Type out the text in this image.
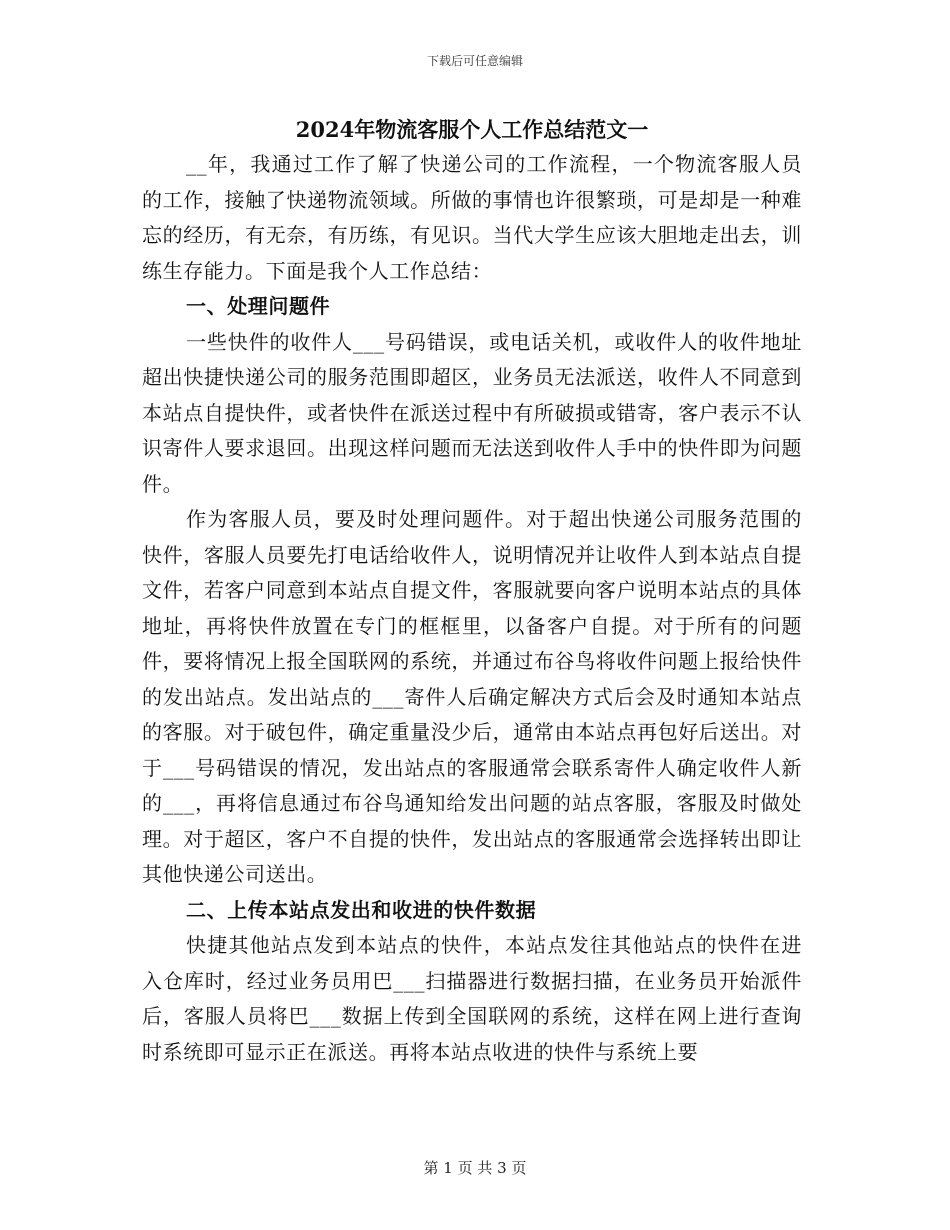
下载后可任意编辑
2024年物流客服个人工作总结范文一

__年，我通过工作了解了快递公司的工作流程，一个物流客服人员的工作，接触了快递物流领域。所做的事情也许很繁琐，可是却是一种难忘的经历，有无奈，有历练，有见识。当代大学生应该大胆地走出去，训练生存能力。下面是我个人工作总结：

一、处理问题件

一些快件的收件人___号码错误，或电话关机，或收件人的收件地址超出快捷快递公司的服务范围即超区，业务员无法派送，收件人不同意到本站点自提快件，或者快件在派送过程中有所破损或错寄，客户表示不认识寄件人要求退回。出现这样问题而无法送到收件人手中的快件即为问题件。

作为客服人员，要及时处理问题件。对于超出快递公司服务范围的快件，客服人员要先打电话给收件人，说明情况并让收件人到本站点自提文件，若客户同意到本站点自提文件，客服就要向客户说明本站点的具体地址，再将快件放置在专门的框框里，以备客户自提。对于所有的问题件，要将情况上报全国联网的系统，并通过布谷鸟将收件问题上报给快件的发出站点。发出站点的___寄件人后确定解决方式后会及时通知本站点的客服。对于破包件，确定重量没少后，通常由本站点再包好后送出。对于___号码错误的情况，发出站点的客服通常会联系寄件人确定收件人新的___，再将信息通过布谷鸟通知给发出问题的站点客服，客服及时做处理。对于超区，客户不自提的快件，发出站点的客服通常会选择转出即让其他快递公司送出。

二、上传本站点发出和收进的快件数据

快捷其他站点发到本站点的快件，本站点发往其他站点的快件在进入仓库时，经过业务员用巴___扫描器进行数据扫描，在业务员开始派件后，客服人员将巴___数据上传到全国联网的系统，这样在网上进行查询时系统即可显示正在派送。再将本站点收进的快件与系统上要

第 1 页 共 3 页
